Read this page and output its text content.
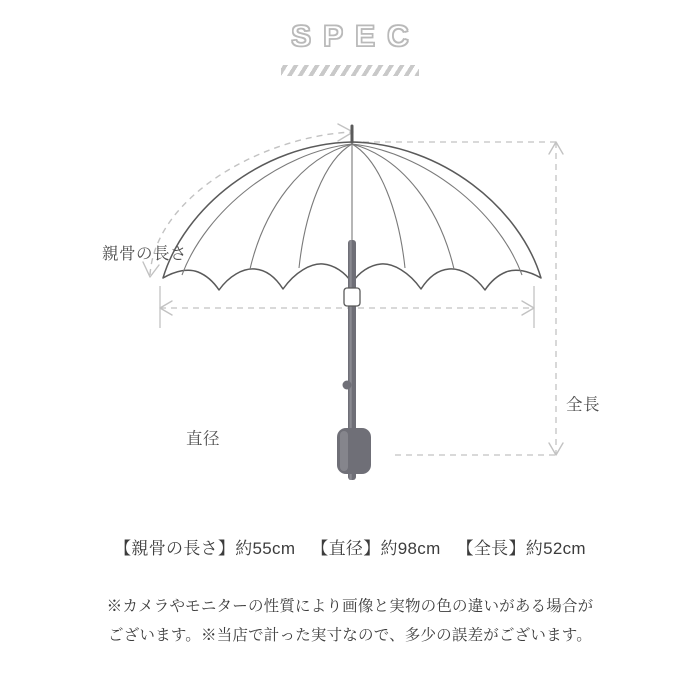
SPEC
親骨の長さ
直径
全長
【親骨の長さ】約55cm 【直径】約98cm 【全長】約52cm
※カメラやモニターの性質により画像と実物の色の違いがある場合が
ございます。※当店で計った実寸なので、多少の誤差がございます。
